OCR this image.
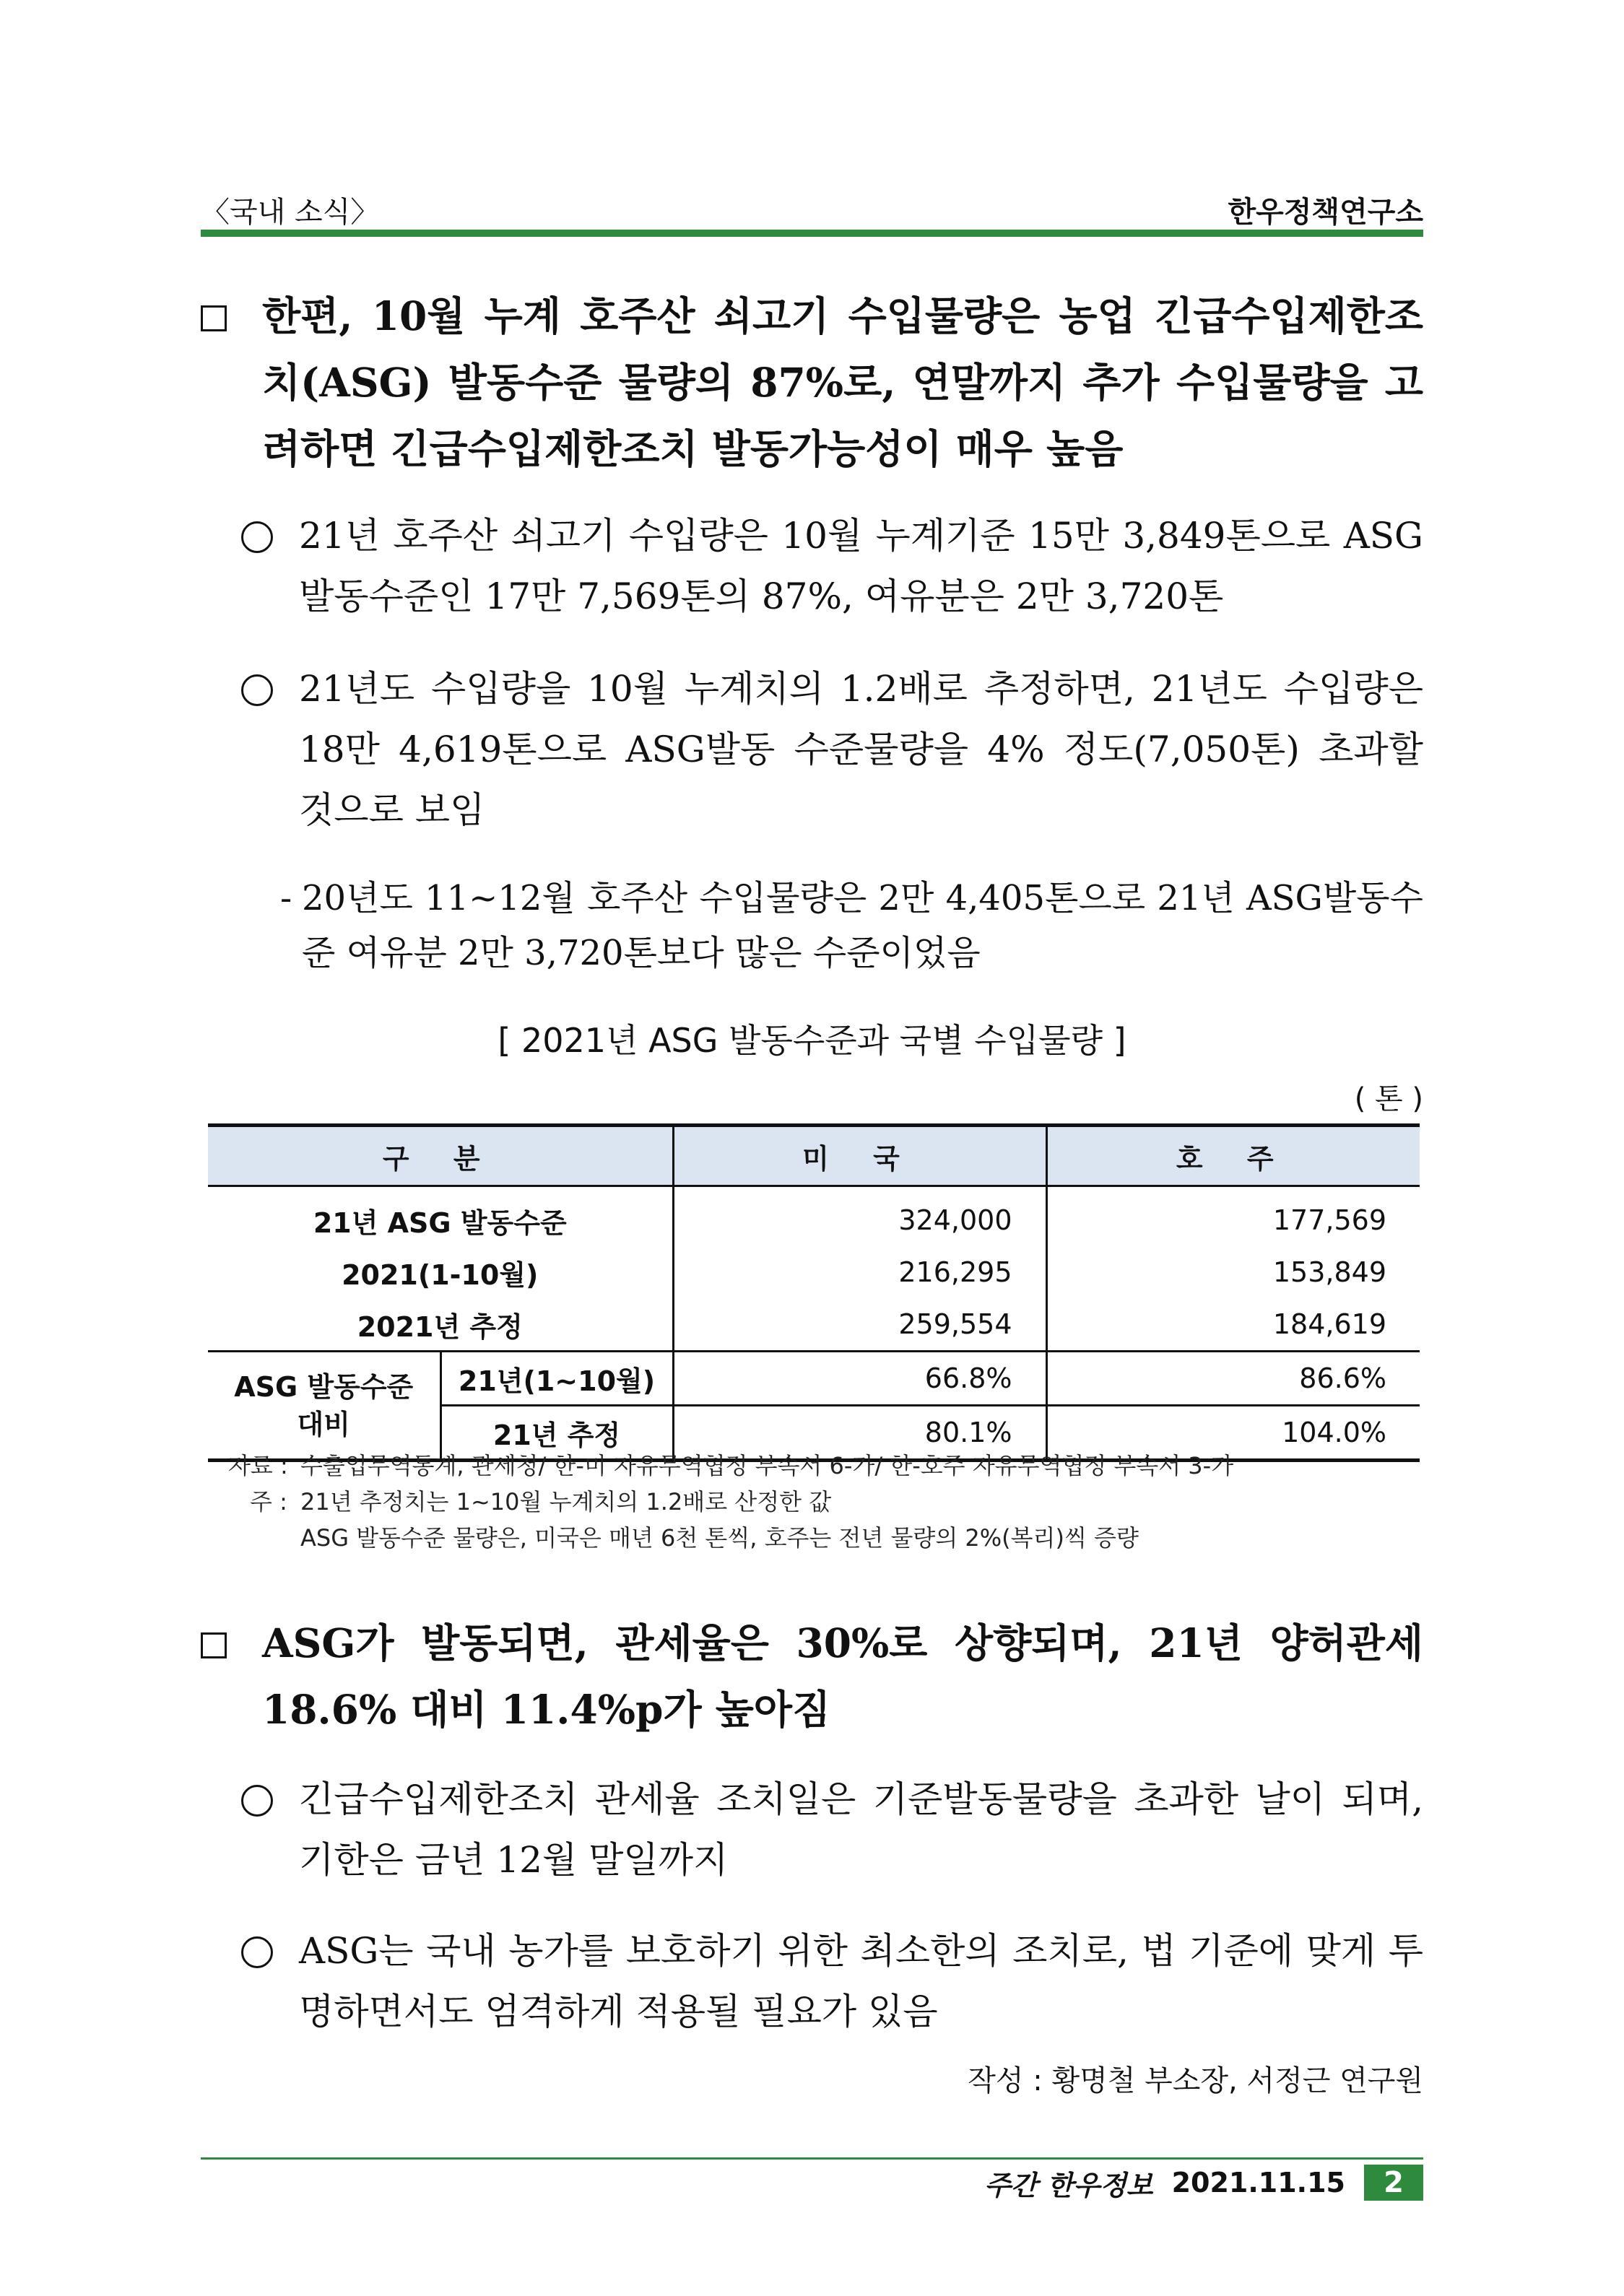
〈국내 소식〉	한우정책연구소
한편, 10월 누계 호주산 쇠고기 수입물량은 농업 긴급수입제한조치(ASG) 발동수준 물량의 87%로, 연말까지 추가 수입물량을 고려하면 긴급수입제한조치 발동가능성이 매우 높음
21년 호주산 쇠고기 수입량은 10월 누계기준 15만 3,849톤으로 ASG 발동수준인 17만 7,569톤의 87%, 여유분은 2만 3,720톤
21년도 수입량을 10월 누계치의 1.2배로 추정하면, 21년도 수입량은 18만 4,619톤으로 ASG발동 수준물량을 4% 정도(7,050톤) 초과할 것으로 보임
- 20년도 11~12월 호주산 수입물량은 2만 4,405톤으로 21년 ASG발동수준 여유분 2만 3,720톤보다 많은 수준이었음
[ 2021년 ASG 발동수준과 국별 수입물량 ]
( 톤 )
구 분		미 국	호 주
21년 ASG 발동수준		324,000	177,569
2021(1-10월)		216,295	153,849
2021년 추정		259,554	184,619
ASG 발동수준 대비	21년(1~10월)	66.8%	86.6%
	21년 추정	80.1%	104.0%
자료 : 수출입무역통계, 관세청/ 한-미 자유무역협정 부속서 6-가/ 한-호주 자유무역협정 부속서 3-가
주 : 21년 추정치는 1~10월 누계치의 1.2배로 산정한 값
ASG 발동수준 물량은, 미국은 매년 6천 톤씩, 호주는 전년 물량의 2%(복리)씩 증량
ASG가 발동되면, 관세율은 30%로 상향되며, 21년 양허관세 18.6% 대비 11.4%p가 높아짐
긴급수입제한조치 관세율 조치일은 기준발동물량을 초과한 날이 되며, 기한은 금년 12월 말일까지
ASG는 국내 농가를 보호하기 위한 최소한의 조치로, 법 기준에 맞게 투명하면서도 엄격하게 적용될 필요가 있음
작성 : 황명철 부소장, 서정근 연구원
주간 한우정보 2021.11.15	2
